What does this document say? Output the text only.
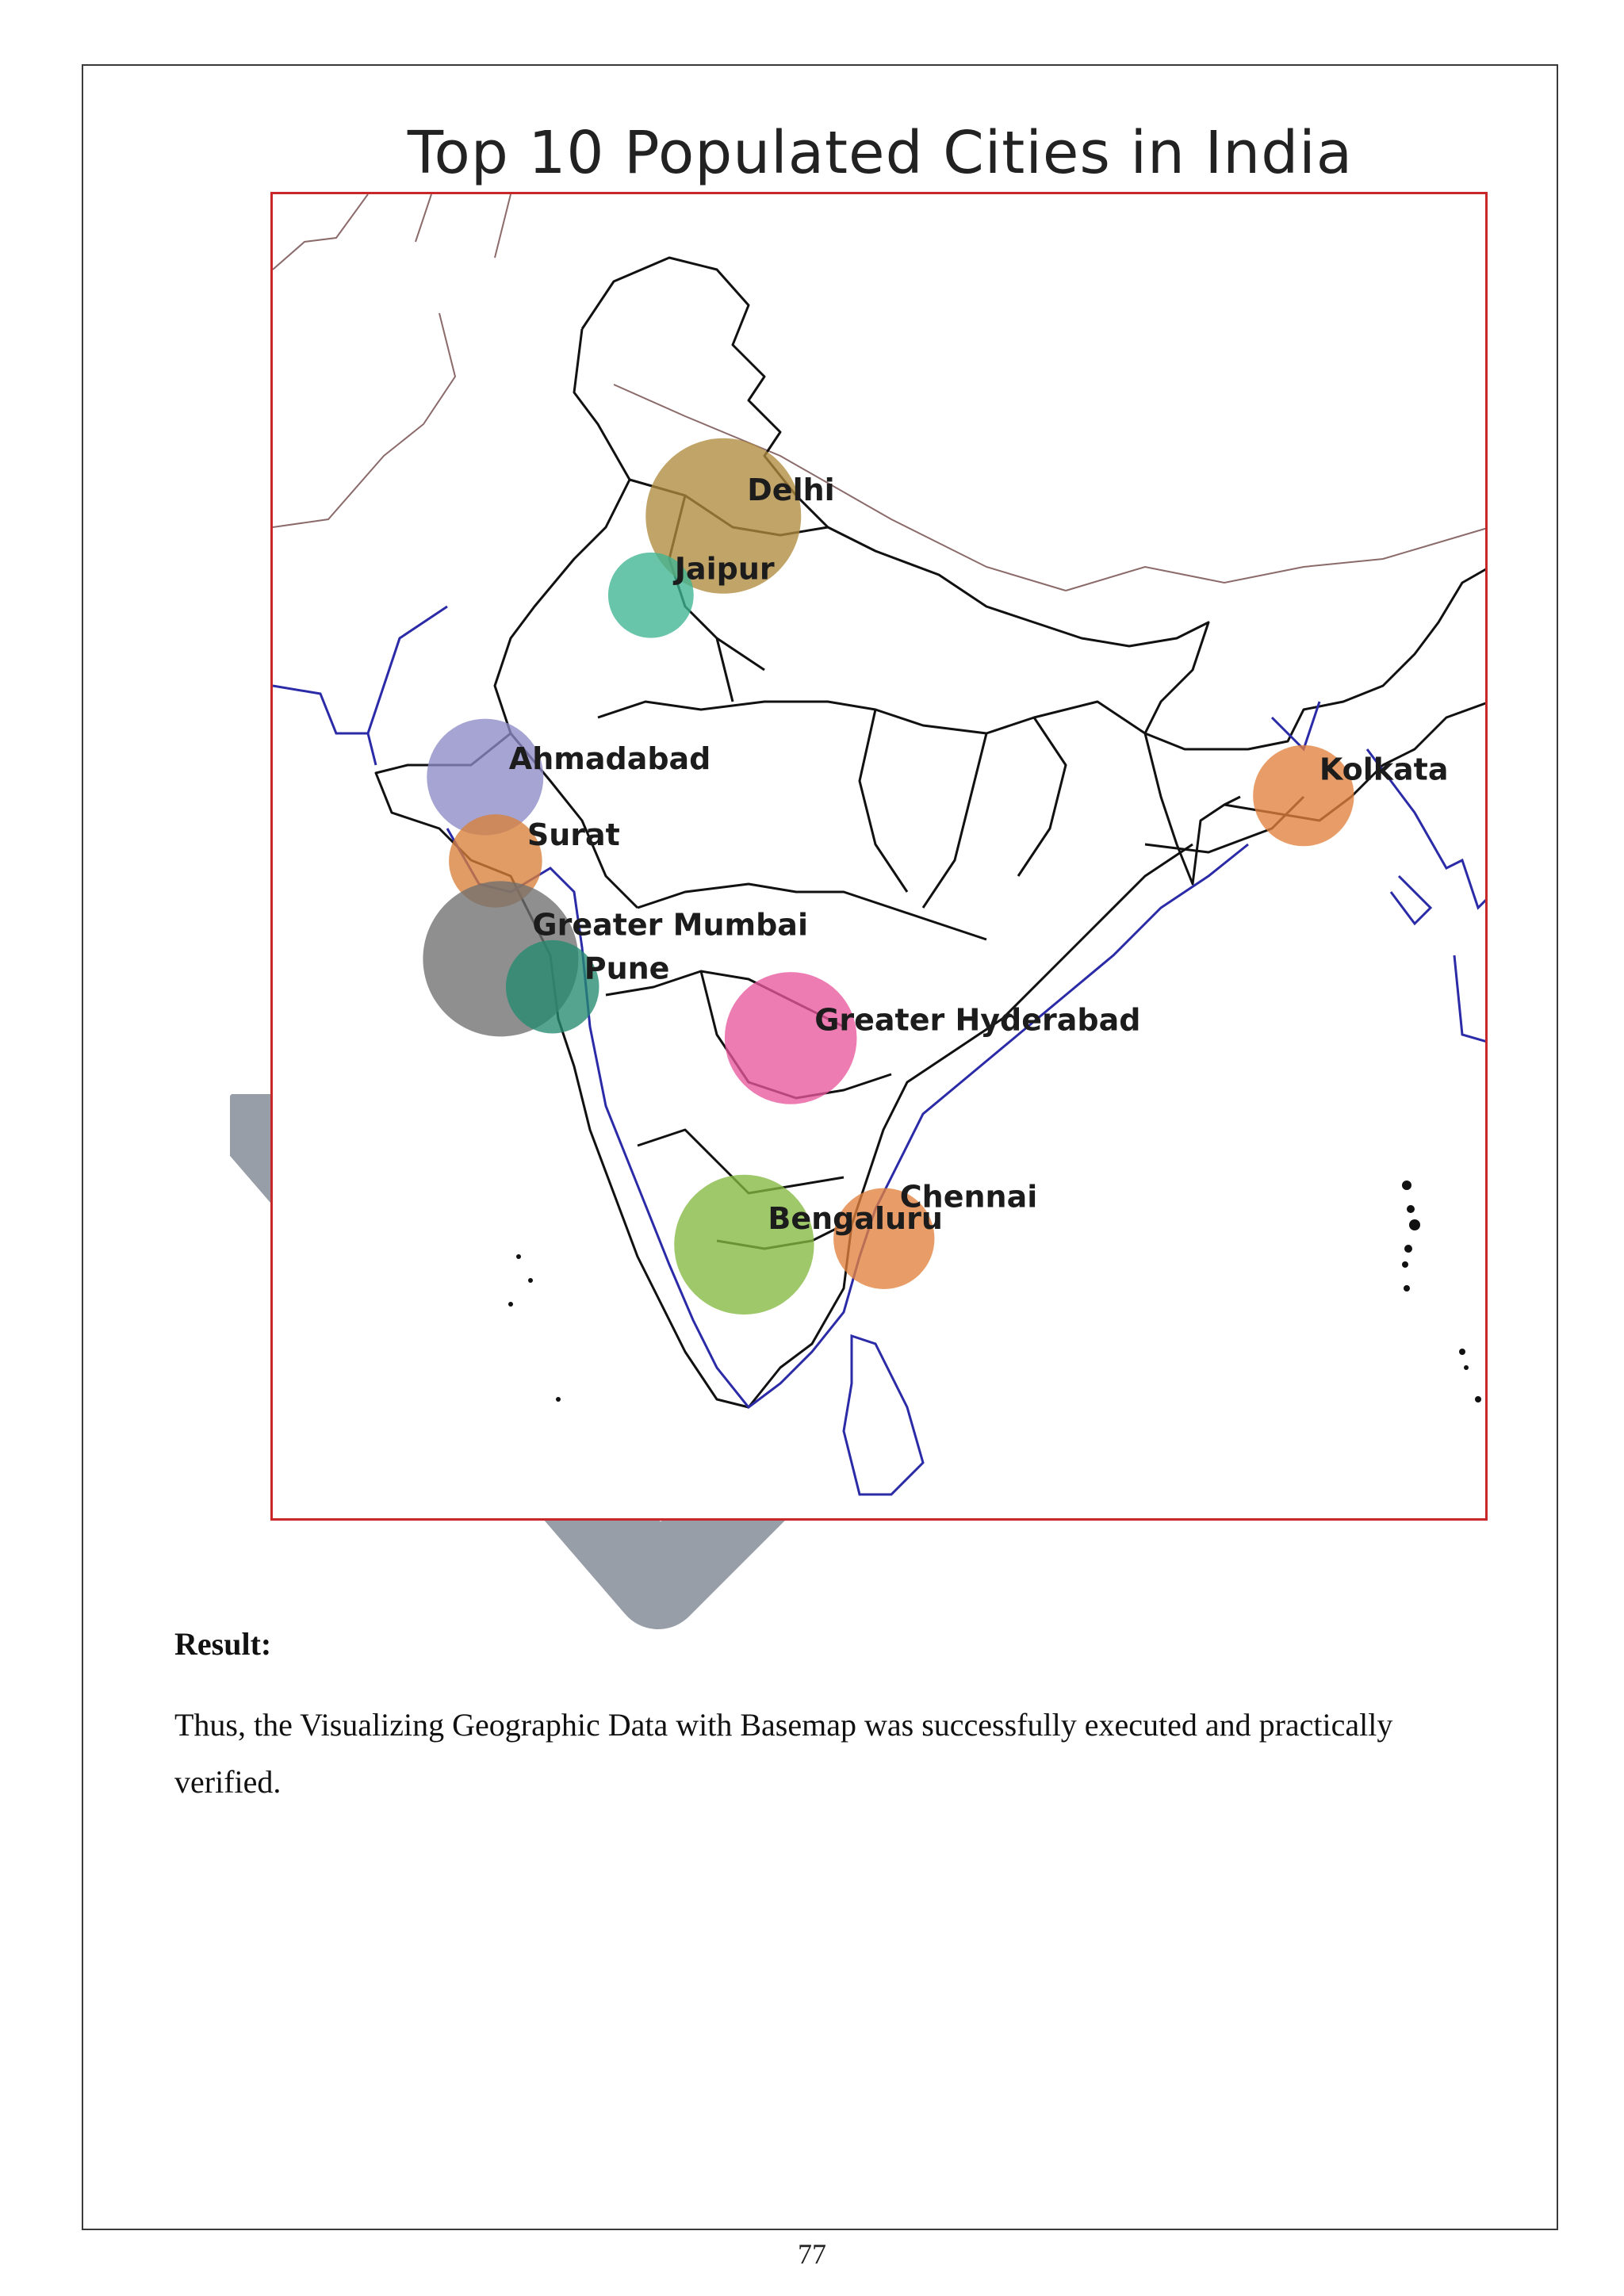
Top 10 Populated Cities in India
Delhi
Jaipur
Ahmadabad
Surat
Greater Mumbai
Pune
Greater Hyderabad
Bengaluru
Chennai
Kolkata
Result:
Thus, the Visualizing Geographic Data with Basemap was successfully executed and practically verified.
77
